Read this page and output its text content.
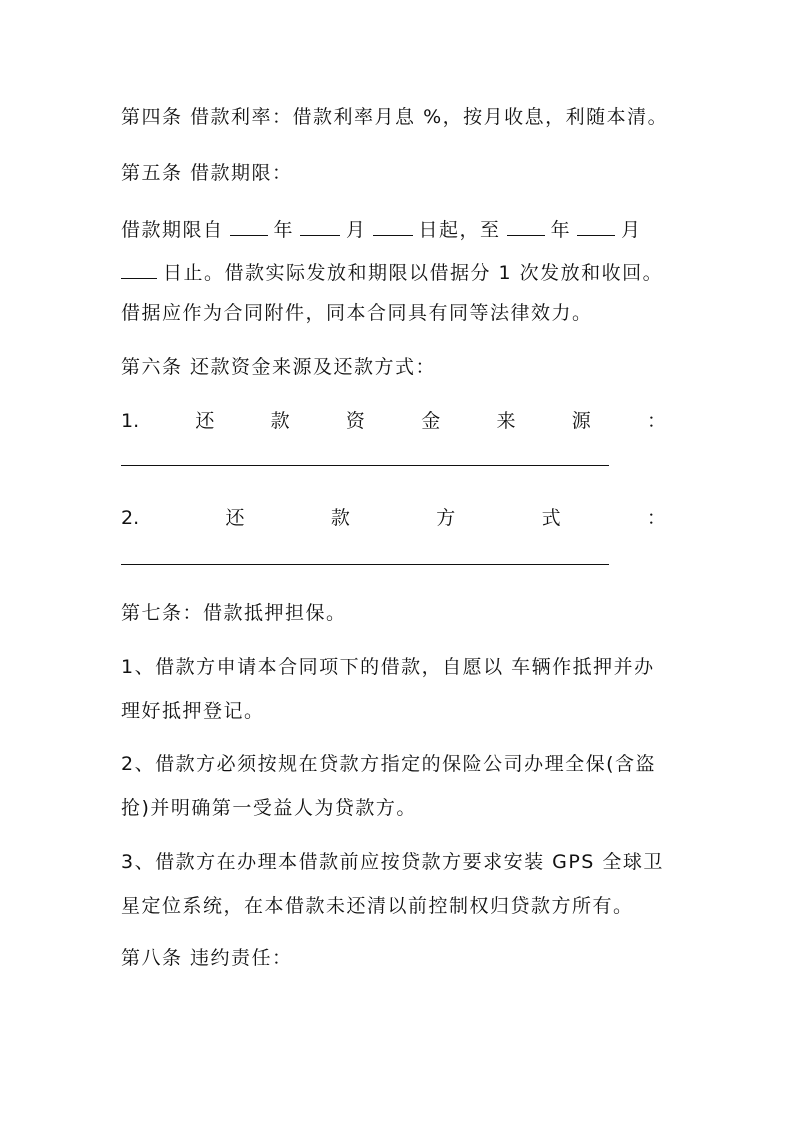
第四条 借款利率：借款利率月息 %，按月收息，利随本清。
第五条 借款期限：
借款期限自	年	月	日起，至	年	月
日止。借款实际发放和期限以借据分 1 次发放和收回。
借据应作为合同附件，同本合同具有同等法律效力。
第六条 还款资金来源及还款方式：
1.	还	款	资	金	来	源	：
2.	还	款	方	式	：
第七条：借款抵押担保。
1、借款方申请本合同项下的借款，自愿以 车辆作抵押并办
理好抵押登记。
2、借款方必须按规在贷款方指定的保险公司办理全保(含盗
抢)并明确第一受益人为贷款方。
3、借款方在办理本借款前应按贷款方要求安装 GPS 全球卫
星定位系统，在本借款未还清以前控制权归贷款方所有。
第八条 违约责任：
